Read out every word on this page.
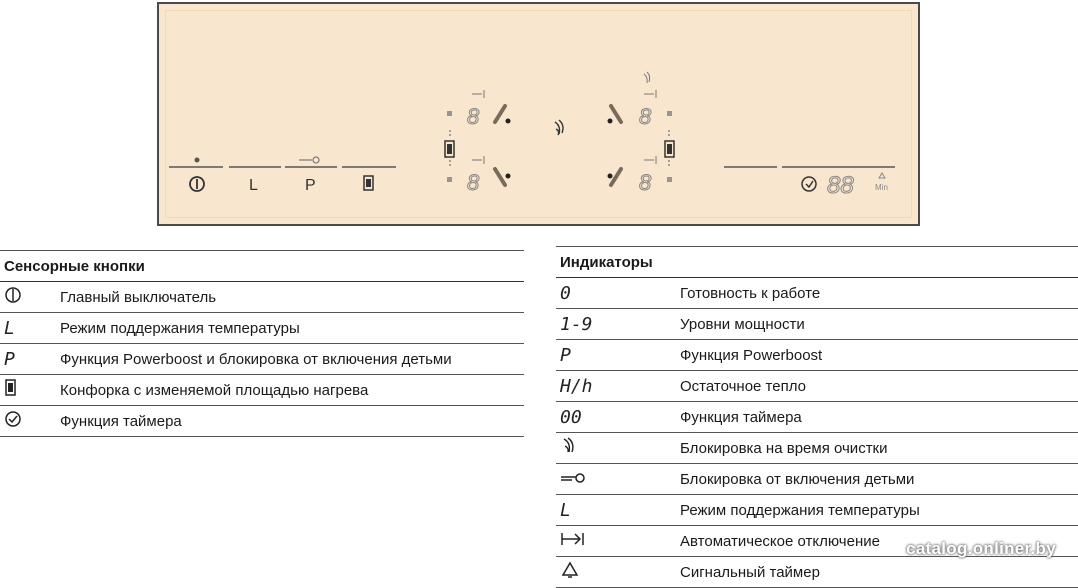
L	P
8
8
8
8	88	Min
Сенсорные кнопки	
	Главный выключатель
L	Режим поддержания температуры
P	Функция Powerboost и блокировка от включения детьми
	Конфорка с изменяемой площадью нагрева
	Функция таймера
Индикаторы	
0	Готовность к работе
1-9	Уровни мощности
P	Функция Powerboost
H/h	Остаточное тепло
00	Функция таймера
	Блокировка на время очистки
	Блокировка от включения детьми
L	Режим поддержания температуры
	Автоматическое отключение
	Сигнальный таймер
catalog.onliner.by
